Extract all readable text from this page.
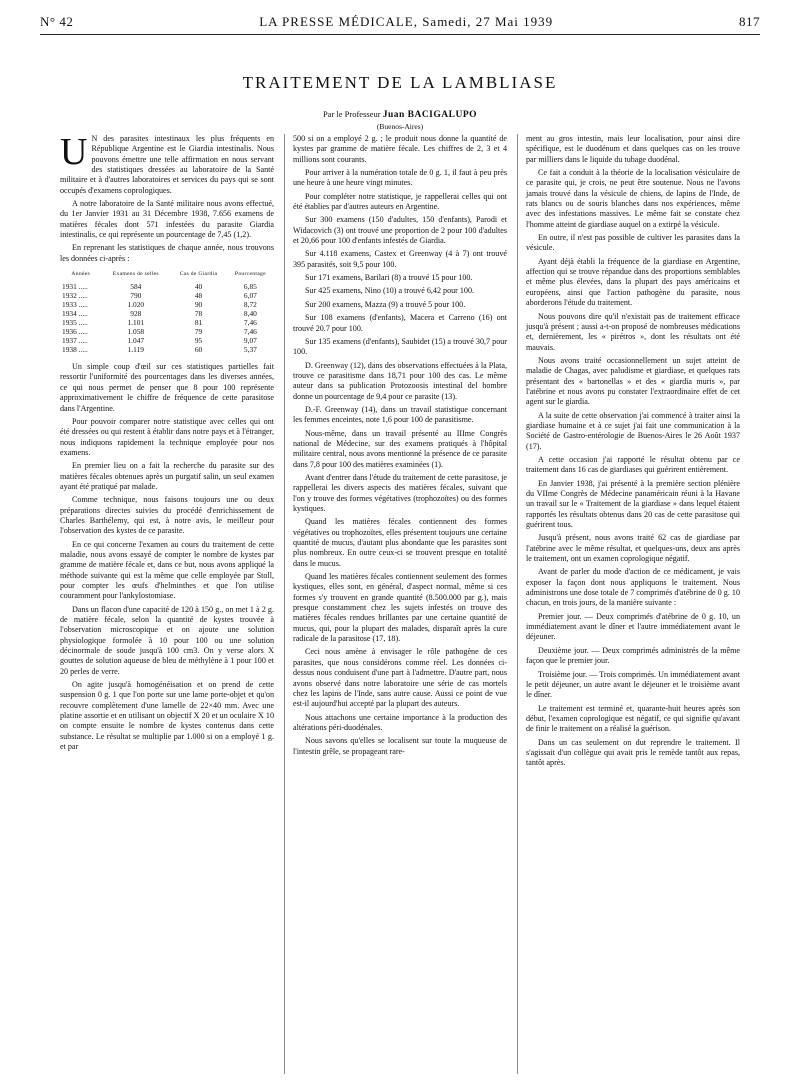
N° 42	LA PRESSE MÉDICALE, Samedi, 27 Mai 1939	817
TRAITEMENT DE LA LAMBLIASE
Par le Professeur Juan BACIGALUPO
(Buenos-Aires)

U N des parasites intestinaux les plus fréquents en République Argentine est le Giardia intestinalis. Nous pouvons émettre une telle affirmation en nous servant des statistiques dressées au laboratoire de la Santé militaire et à d'autres laboratoires et services du pays qui se sont occupés d'examens coprologiques.

A notre laboratoire de la Santé militaire nous avons effectué, du 1er Janvier 1931 au 31 Décembre 1938, 7.656 examens de matières fécales dont 571 infestées du parasite Giardia intestinalis, ce qui représente un pourcentage de 7,45 (1,2).

En reprenant les statistiques de chaque année, nous trouvons les données ci-après :

Années	Examens de selles	Cas de Giardia	Pourcentage
1931 .....	584	40	6,85
1932 .....	790	48	6,07
1933 .....	1.020	90	8,72
1934 .....	928	78	8,40
1935 .....	1.101	81	7,46
1936 .....	1.058	79	7,46
1937 .....	1.047	95	9,07
1938 .....	1.119	60	5,37

Un simple coup d'œil sur ces statistiques partielles fait ressortir l'uniformité des pourcentages dans les diverses années, ce qui nous permet de penser que 8 pour 100 représente approximativement le chiffre de fréquence de cette parasitose dans l'Argentine.

Pour pouvoir comparer notre statistique avec celles qui ont été dressées ou qui restent à établir dans notre pays et à l'étranger, nous indiquons rapidement la technique employée pour nos examens.

En premier lieu on a fait la recherche du parasite sur des matières fécales obtenues après un purgatif salin, un seul examen ayant été pratiqué par malade.

Comme technique, nous faisons toujours une ou deux préparations directes suivies du procédé d'enrichissement de Charles Barthélemy, qui est, à notre avis, le meilleur pour l'observation des kystes de ce parasite.

En ce qui concerne l'examen au cours du traitement de cette maladie, nous avons essayé de compter le nombre de kystes par gramme de matière fécale et, dans ce but, nous avons appliqué la méthode suivante qui est la même que celle employée par Stoll, pour compter les œufs d'helminthes et que l'on utilise couramment pour l'ankylostomiase.

Dans un flacon d'une capacité de 120 à 150 g., on met 1 à 2 g. de matière fécale, selon la quantité de kystes trouvée à l'observation microscopique et on ajoute une solution physiologique formolée à 10 pour 100 ou une solution décinormale de soude jusqu'à 100 cm3. On y verse alors X gouttes de solution aqueuse de bleu de méthylène à 1 pour 100 et 20 perles de verre.

On agite jusqu'à homogénéisation et on prend de cette suspension 0 g. 1 que l'on porte sur une lame porte-objet et qu'on recouvre complètement d'une lamelle de 22×40 mm. Avec une platine assortie et en utilisant un objectif X 20 et un oculaire X 10 on compte ensuite le nombre de kystes contenus dans cette substance. Le résultat se multiplie par 1.000 si on a employé 1 g. et par

500 si on a employé 2 g. ; le produit nous donne la quantité de kystes par gramme de matière fécale. Les chiffres de 2, 3 et 4 millions sont courants.

Pour arriver à la numération totale de 0 g. 1, il faut à peu près une heure à une heure vingt minutes.

Pour compléter notre statistique, je rappellerai celles qui ont été établies par d'autres auteurs en Argentine.

Sur 300 examens (150 d'adultes, 150 d'enfants), Parodi et Widacovich (3) ont trouvé une proportion de 2 pour 100 d'adultes et 20,66 pour 100 d'enfants infestés de Giardia.

Sur 4.118 examens, Castex et Greenway (4 à 7) ont trouvé 395 parasités, soit 9,5 pour 100.

Sur 171 examens, Barilari (8) a trouvé 15 pour 100.

Sur 425 examens, Nino (10) a trouvé 6,42 pour 100.

Sur 200 examens, Mazza (9) a trouvé 5 pour 100.

Sur 108 examens (d'enfants), Macera et Carreno (16) ont trouvé 20.7 pour 100.

Sur 135 examens (d'enfants), Saubidet (15) a trouvé 30,7 pour 100.

D. Greenway (12), dans des observations effectuées à la Plata, trouve ce parasitisme dans 18,71 pour 100 des cas. Le même auteur dans sa publication Protozoosis intestinal del hombre donne un pourcentage de 9,4 pour ce parasite (13).

D.-F. Greenway (14), dans un travail statistique concernant les femmes enceintes, note 1,6 pour 100 de parasitisme.

Nous-même, dans un travail présenté au IIIme Congrès national de Médecine, sur des examens pratiqués à l'hôpital militaire central, nous avons mentionné la présence de ce parasite dans 7,8 pour 100 des matières examinées (1).

Avant d'entrer dans l'étude du traitement de cette parasitose, je rappellerai les divers aspects des matières fécales, suivant que l'on y trouve des formes végétatives (trophozoïtes) ou des formes kystiques.

Quand les matières fécales contiennent des formes végétatives ou trophozoïtes, elles présentent toujours une certaine quantité de mucus, d'autant plus abondante que les parasites sont plus nombreux. En outre ceux-ci se trouvent presque en totalité dans le mucus.

Quand les matières fécales contiennent seulement des formes kystiques, elles sont, en général, d'aspect normal, même si ces formes s'y trouvent en grande quantité (8.500.000 par g.), mais presque constamment chez les sujets infestés on trouve des matières fécales rendues brillantes par une certaine quantité de mucus, qui, pour la plupart des malades, disparaît après la cure radicale de la parasitose (17, 18).

Ceci nous amène à envisager le rôle pathogène de ces parasites, que nous considérons comme réel. Les données ci-dessus nous conduisent d'une part à l'admettre. D'autre part, nous avons observé dans notre laboratoire une série de cas mortels chez les lapins de l'Inde, sans autre cause. Aussi ce point de vue est-il aujourd'hui accepté par la plupart des auteurs.

Nous attachons une certaine importance à la production des altérations péri-duodénales.

Nous savons qu'elles se localisent sur toute la muqueuse de l'intestin grêle, se propageant rare-

ment au gros intestin, mais leur localisation, pour ainsi dire spécifique, est le duodénum et dans quelques cas on les trouve par milliers dans le liquide du tubage duodénal.

Ce fait a conduit à la théorie de la localisation vésiculaire de ce parasite qui, je crois, ne peut être soutenue. Nous ne l'avons jamais trouvé dans la vésicule de chiens, de lapins de l'Inde, de rats blancs ou de souris blanches dans nos expériences, même avec des infestations massives. Le même fait se constate chez l'homme atteint de giardiase auquel on a extirpé la vésicule.

En outre, il n'est pas possible de cultiver les parasites dans la vésicule.

Ayant déjà établi la fréquence de la giardiase en Argentine, affection qui se trouve répandue dans des proportions semblables et même plus élevées, dans la plupart des pays américains et européens, ainsi que l'action pathogène du parasite, nous aborderons l'étude du traitement.

Nous pouvons dire qu'il n'existait pas de traitement efficace jusqu'à présent ; aussi a-t-on proposé de nombreuses médications et, dernièrement, les « pirétros », dont les résultats ont été mauvais.

Nous avons traité occasionnellement un sujet atteint de maladie de Chagas, avec paludisme et giardiase, et quelques rats présentant des « bartonellas » et des « giardia muris », par l'atébrine et nous avons pu constater l'extraordinaire effet de cet agent sur le giardia.

A la suite de cette observation j'ai commencé à traiter ainsi la giardiase humaine et à ce sujet j'ai fait une communication à la Société de Gastro-entérologie de Buenos-Aires le 26 Août 1937 (17).

A cette occasion j'ai rapporté le résultat obtenu par ce traitement dans 16 cas de giardiases qui guérirent entièrement.

En Janvier 1938, j'ai présenté à la première section plénière du VIIme Congrès de Médecine panaméricain réuni à la Havane un travail sur le « Traitement de la giardiase » dans lequel étaient rapportés les résultats obtenus dans 20 cas de cette parasitose qui guérirent tous.

Jusqu'à présent, nous avons traité 62 cas de giardiase par l'atébrine avec le même résultat, et quelques-uns, deux ans après le traitement, ont un examen coprologique négatif.

Avant de parler du mode d'action de ce médicament, je vais exposer la façon dont nous appliquons le traitement. Nous administrons une dose totale de 7 comprimés d'atébrine de 0 g. 10 chacun, en trois jours, de la manière suivante :

Premier jour. — Deux comprimés d'atébrine de 0 g. 10, un immédiatement avant le dîner et l'autre immédiatement avant le déjeuner.

Deuxième jour. — Deux comprimés administrés de la même façon que le premier jour.

Troisième jour. — Trois comprimés. Un immédiatement avant le petit déjeuner, un autre avant le déjeuner et le troisième avant le dîner.

Le traitement est terminé et, quarante-huit heures après son début, l'examen coprologique est négatif, ce qui signifie qu'avant de finir le traitement on a réalisé la guérison.

Dans un cas seulement on dut reprendre le traitement. Il s'agissait d'un collègue qui avait pris le remède tantôt aux repas, tantôt après.
